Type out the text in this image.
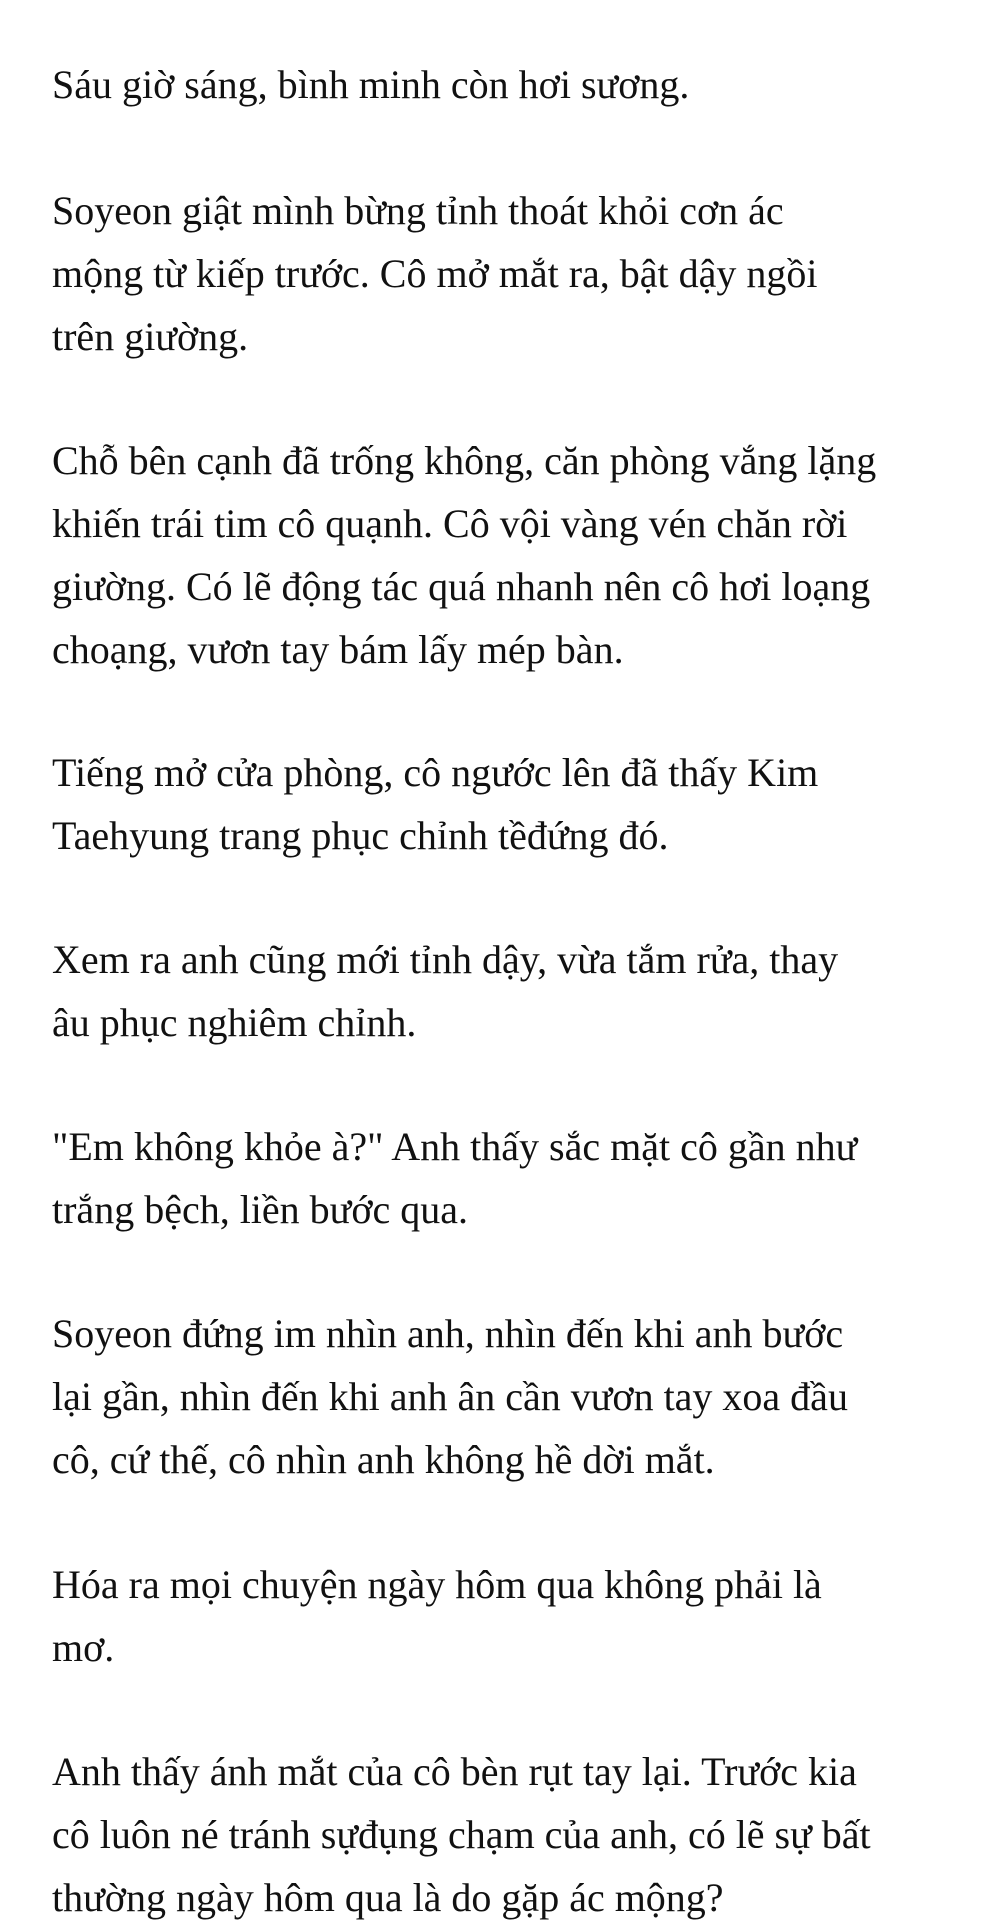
Sáu giờ sáng, bình minh còn hơi sương.

Soyeon giật mình bừng tỉnh thoát khỏi cơn ác
mộng từ kiếp trước. Cô mở mắt ra, bật dậy ngồi
trên giường.

Chỗ bên cạnh đã trống không, căn phòng vắng lặng
khiến trái tim cô quạnh. Cô vội vàng vén chăn rời
giường. Có lẽ động tác quá nhanh nên cô hơi loạng
choạng, vươn tay bám lấy mép bàn.

Tiếng mở cửa phòng, cô ngước lên đã thấy Kim
Taehyung trang phục chỉnh tềđứng đó.

Xem ra anh cũng mới tỉnh dậy, vừa tắm rửa, thay
âu phục nghiêm chỉnh.

"Em không khỏe à?" Anh thấy sắc mặt cô gần như
trắng bệch, liền bước qua.

Soyeon đứng im nhìn anh, nhìn đến khi anh bước
lại gần, nhìn đến khi anh ân cần vươn tay xoa đầu
cô, cứ thế, cô nhìn anh không hề dời mắt.

Hóa ra mọi chuyện ngày hôm qua không phải là
mơ.

Anh thấy ánh mắt của cô bèn rụt tay lại. Trước kia
cô luôn né tránh sựđụng chạm của anh, có lẽ sự bất
thường ngày hôm qua là do gặp ác mộng?
